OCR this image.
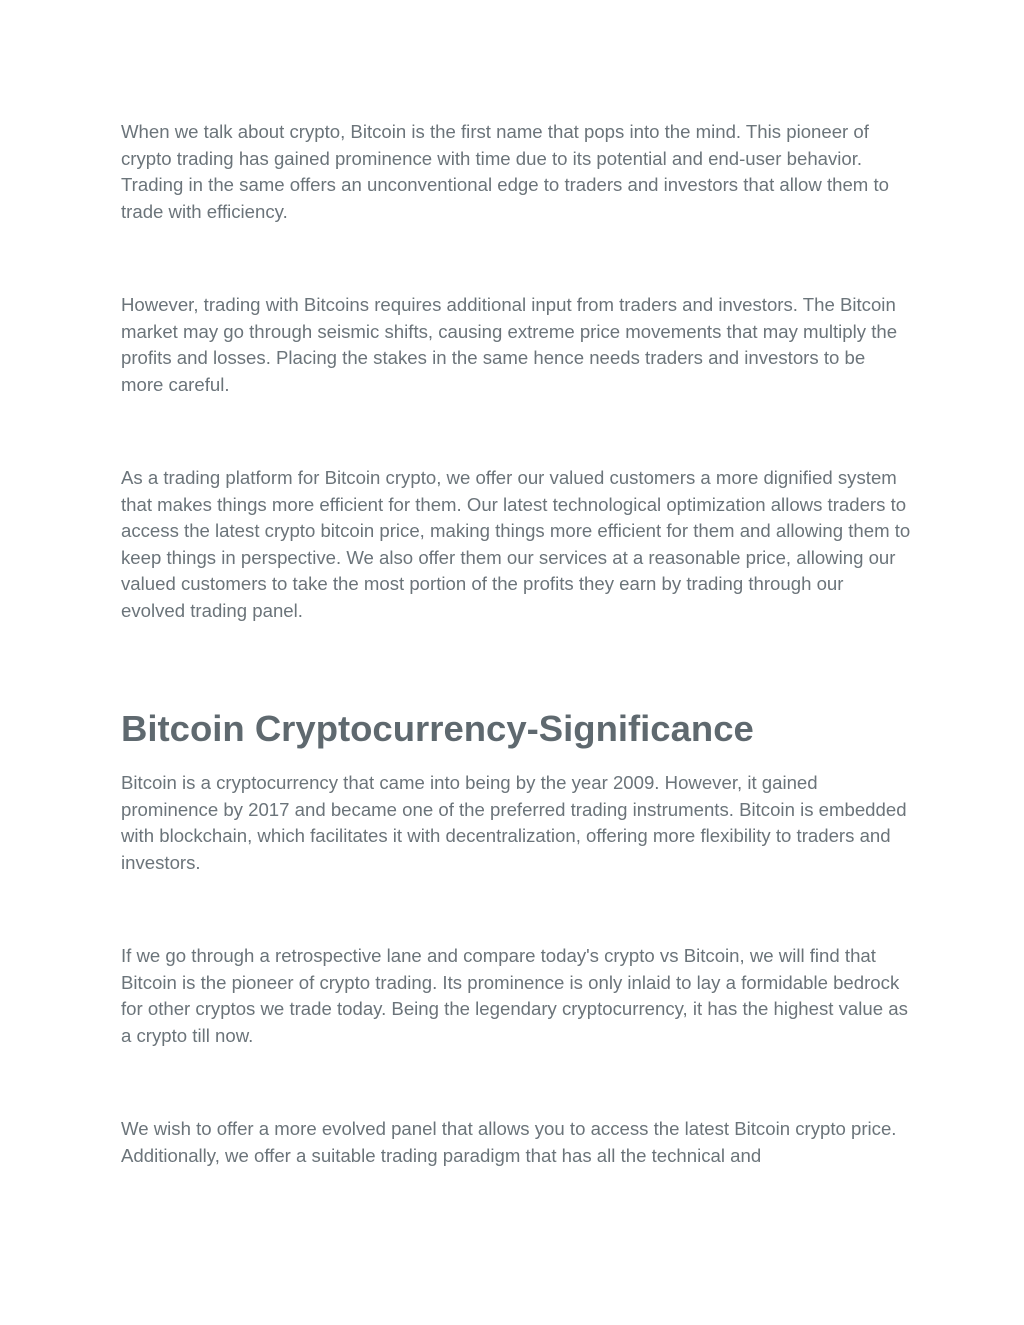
When we talk about crypto, Bitcoin is the first name that pops into the mind. This pioneer of crypto trading has gained prominence with time due to its potential and end-user behavior. Trading in the same offers an unconventional edge to traders and investors that allow them to trade with efficiency.

However, trading with Bitcoins requires additional input from traders and investors. The Bitcoin market may go through seismic shifts, causing extreme price movements that may multiply the profits and losses. Placing the stakes in the same hence needs traders and investors to be more careful.

As a trading platform for Bitcoin crypto, we offer our valued customers a more dignified system that makes things more efficient for them. Our latest technological optimization allows traders to access the latest crypto bitcoin price, making things more efficient for them and allowing them to keep things in perspective. We also offer them our services at a reasonable price, allowing our valued customers to take the most portion of the profits they earn by trading through our evolved trading panel.

Bitcoin Cryptocurrency-Significance

Bitcoin is a cryptocurrency that came into being by the year 2009. However, it gained prominence by 2017 and became one of the preferred trading instruments. Bitcoin is embedded with blockchain, which facilitates it with decentralization, offering more flexibility to traders and investors.

If we go through a retrospective lane and compare today's crypto vs Bitcoin, we will find that Bitcoin is the pioneer of crypto trading. Its prominence is only inlaid to lay a formidable bedrock for other cryptos we trade today. Being the legendary cryptocurrency, it has the highest value as a crypto till now.

We wish to offer a more evolved panel that allows you to access the latest Bitcoin crypto price. Additionally, we offer a suitable trading paradigm that has all the technical and
